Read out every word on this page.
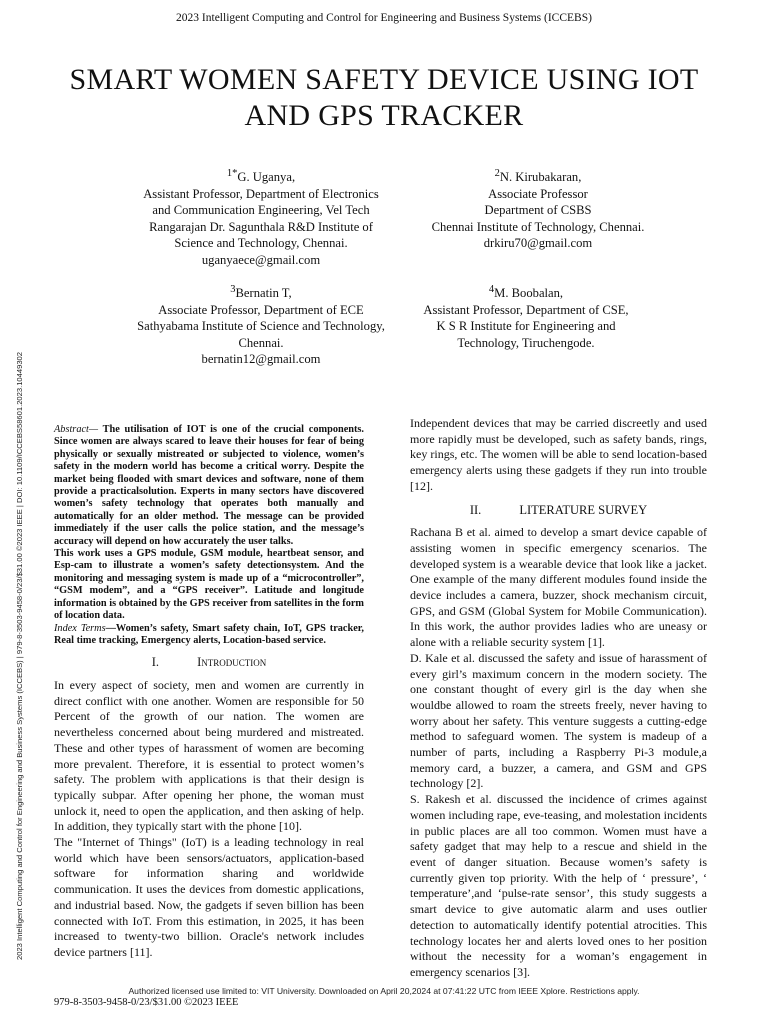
2023 Intelligent Computing and Control for Engineering and Business Systems (ICCEBS)
2023 Intelligent Computing and Control for Engineering and Business Systems (ICCEBS) | 979-8-3503-9458-0/23/$31.00 ©2023 IEEE | DOI: 10.1109/ICCEBS58601.2023.10449302
SMART WOMEN SAFETY DEVICE USING IOT
AND GPS TRACKER
$^{1*}$G. Uganya,
Assistant Professor, Department of Electronics
and Communication Engineering, Vel Tech
Rangarajan Dr. Sagunthala R&D Institute of
Science and Technology, Chennai.
uganyaece@gmail.com
$^2$N. Kirubakaran,
Associate Professor
Department of CSBS
Chennai Institute of Technology, Chennai.
drkiru70@gmail.com
$^3$Bernatin T,
Associate Professor, Department of ECE
Sathyabama Institute of Science and Technology,
Chennai.
bernatin12@gmail.com
$^4$M. Boobalan,
Assistant Professor, Department of CSE,
K S R Institute for Engineering and
Technology, Tiruchengode.

Abstract— The utilisation of IOT is one of the crucial components. Since women are always scared to leave their houses for fear of being physically or sexually mistreated or subjected to violence, women’s safety in the modern world has become a critical worry. Despite the market being flooded with smart devices and software, none of them provide a practicalsolution. Experts in many sectors have discovered women’s safety technology that operates both manually and automatically for an older method. The message can be provided immediately if the user calls the police station, and the message’s accuracy will depend on how accurately the user talks.

This work uses a GPS module, GSM module, heartbeat sensor, and Esp-cam to illustrate a women’s safety detectionsystem. And the monitoring and messaging system is made up of a “microcontroller”, “GSM modem”, and a “GPS receiver”. Latitude and longitude information is obtained by the GPS receiver from satellites in the form of location data.

Index Terms—Women’s safety, Smart safety chain, IoT, GPS tracker, Real time tracking, Emergency alerts, Location-based service.

I.	Introduction

In every aspect of society, men and women are currently in direct conflict with one another. Women are responsible for 50 Percent of the growth of our nation. The women are nevertheless concerned about being murdered and mistreated. These and other types of harassment of women are becoming more prevalent. Therefore, it is essential to protect women’s safety. The problem with applications is that their design is typically subpar. After opening her phone, the woman must unlock it, need to open the application, and then asking of help. In addition, they typically start with the phone [10].

The "Internet of Things" (IoT) is a leading technology in real world which have been sensors/actuators, application-based software for information sharing and worldwide communication. It uses the devices from domestic applications, and industrial based. Now, the gadgets if seven billion has been connected with IoT. From this estimation, in 2025, it has been increased to twenty-two billion. Oracle's network includes device partners [11].

Independent devices that may be carried discreetly and used more rapidly must be developed, such as safety bands, rings, key rings, etc. The women will be able to send location-based emergency alerts using these gadgets if they run into trouble [12].

II.	LITERATURE SURVEY

Rachana B et al. aimed to develop a smart device capable of assisting women in specific emergency scenarios. The developed system is a wearable device that look like a jacket. One example of the many different modules found inside the device includes a camera, buzzer, shock mechanism circuit, GPS, and GSM (Global System for Mobile Communication). In this work, the author provides ladies who are uneasy or alone with a reliable security system [1].

D. Kale et al. discussed the safety and issue of harassment of every girl’s maximum concern in the modern society. The one constant thought of every girl is the day when she wouldbe allowed to roam the streets freely, never having to worry about her safety. This venture suggests a cutting-edge method to safeguard women. The system is madeup of a number of parts, including a Raspberry Pi-3 module,a memory card, a buzzer, a camera, and GSM and GPS technology [2].

S. Rakesh et al. discussed the incidence of crimes against women including rape, eve-teasing, and molestation incidents in public places are all too common. Women must have a safety gadget that may help to a rescue and shield in the event of danger situation. Because women’s safety is currently given top priority. With the help of ‘ pressure’, ‘ temperature’,and ‘pulse-rate sensor’, this study suggests a smart device to give automatic alarm and uses outlier detection to automatically identify potential atrocities. This technology locates her and alerts loved ones to her position without the necessity for a woman’s engagement in emergency scenarios [3].

Authorized licensed use limited to: VIT University. Downloaded on April 20,2024 at 07:41:22 UTC from IEEE Xplore. Restrictions apply.
979-8-3503-9458-0/23/$31.00 ©2023 IEEE
